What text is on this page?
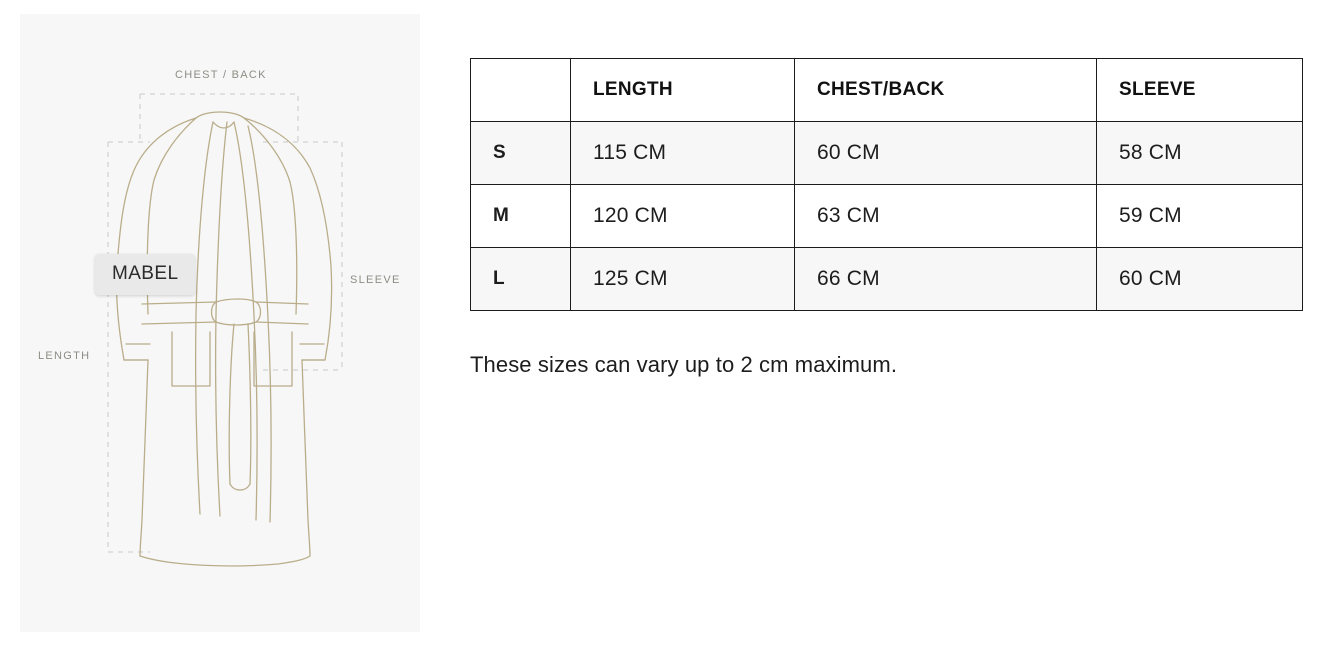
CHEST / BACK
SLEEVE
LENGTH
MABEL
	LENGTH	CHEST/BACK	SLEEVE
S	115 CM	60 CM	58 CM
M	120 CM	63 CM	59 CM
L	125 CM	66 CM	60 CM
These sizes can vary up to 2 cm maximum.
